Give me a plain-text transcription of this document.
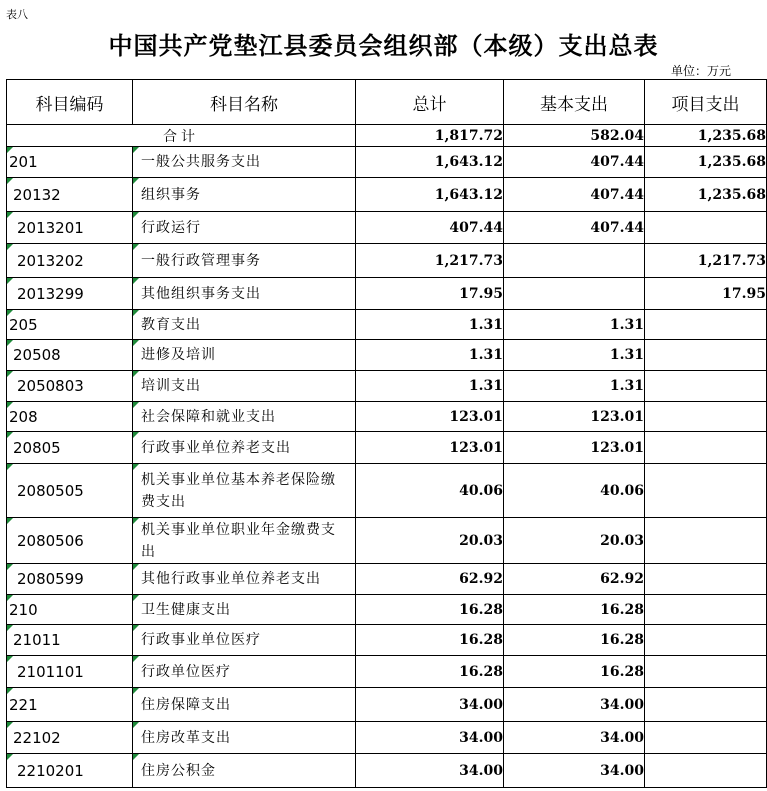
表八
中国共产党垫江县委员会组织部（本级）支出总表
单位：万元
科目编码	科目名称	总计	基本支出	项目支出
合计		1,817.72	582.04	1,235.68

201	一般公共服务支出	1,643.12	407.44	1,235.68

20132	组织事务	1,643.12	407.44	1,235.68

2013201	行政运行	407.44	407.44	

2013202	一般行政管理事务	1,217.73		1,217.73

2013299	其他组织事务支出	17.95		17.95

205	教育支出	1.31	1.31	

20508	进修及培训	1.31	1.31	

2050803	培训支出	1.31	1.31	

208	社会保障和就业支出	123.01	123.01	

20805	行政事业单位养老支出	123.01	123.01	

2080505	机关事业单位基本养老保险缴费支出	40.06	40.06	

2080506	机关事业单位职业年金缴费支出	20.03	20.03	

2080599	其他行政事业单位养老支出	62.92	62.92	

210	卫生健康支出	16.28	16.28	

21011	行政事业单位医疗	16.28	16.28	

2101101	行政单位医疗	16.28	16.28	

221	住房保障支出	34.00	34.00	

22102	住房改革支出	34.00	34.00	

2210201	住房公积金	34.00	34.00	
